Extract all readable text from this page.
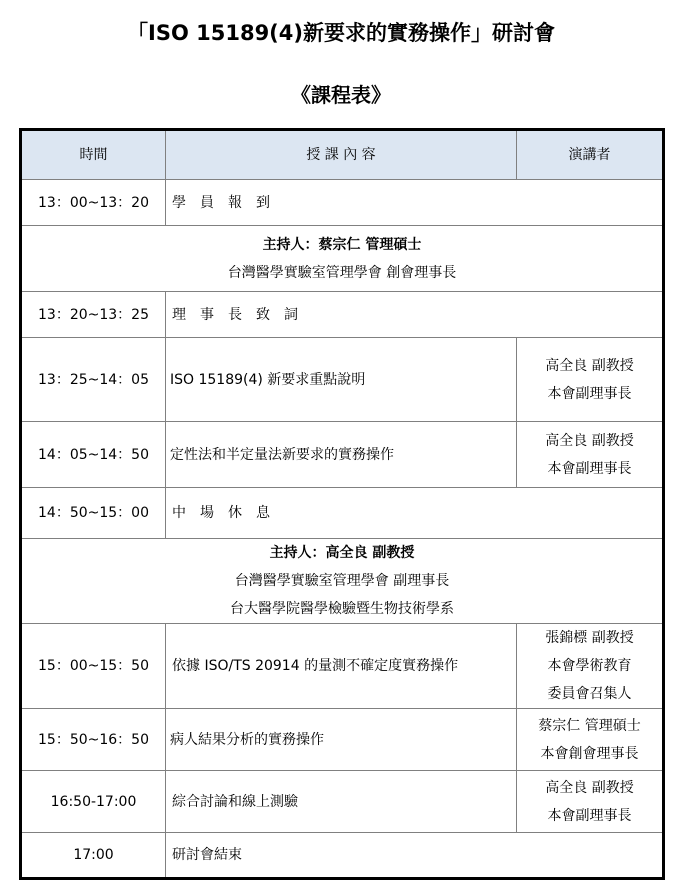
「ISO 15189(4)新要求的實務操作」研討會
《課程表》
時間	授 課 內 容	演講者
13：00~13：20	學　員　報　到	

主持人：蔡宗仁 管理碩士
台灣醫學實驗室管理學會 創會理事長		

13：20~13：25	理　事　長　致　詞	
13：25~14：05	ISO 15189(4) 新要求重點說明	高全良 副教授
本會副理事長

14：05~14：50	定性法和半定量法新要求的實務操作	高全良 副教授
本會副理事長

14：50~15：00	中　場　休　息	

主持人：高全良 副教授
台灣醫學實驗室管理學會 副理事長
台大醫學院醫學檢驗暨生物技術學系		

15：00~15：50	依據 ISO/TS 20914 的量測不確定度實務操作	張錦標 副教授
本會學術教育
委員會召集人

15：50~16：50	病人結果分析的實務操作	蔡宗仁 管理碩士
本會創會理事長

16:50-17:00	綜合討論和線上測驗	高全良 副教授
本會副理事長

17:00	研討會結束	
